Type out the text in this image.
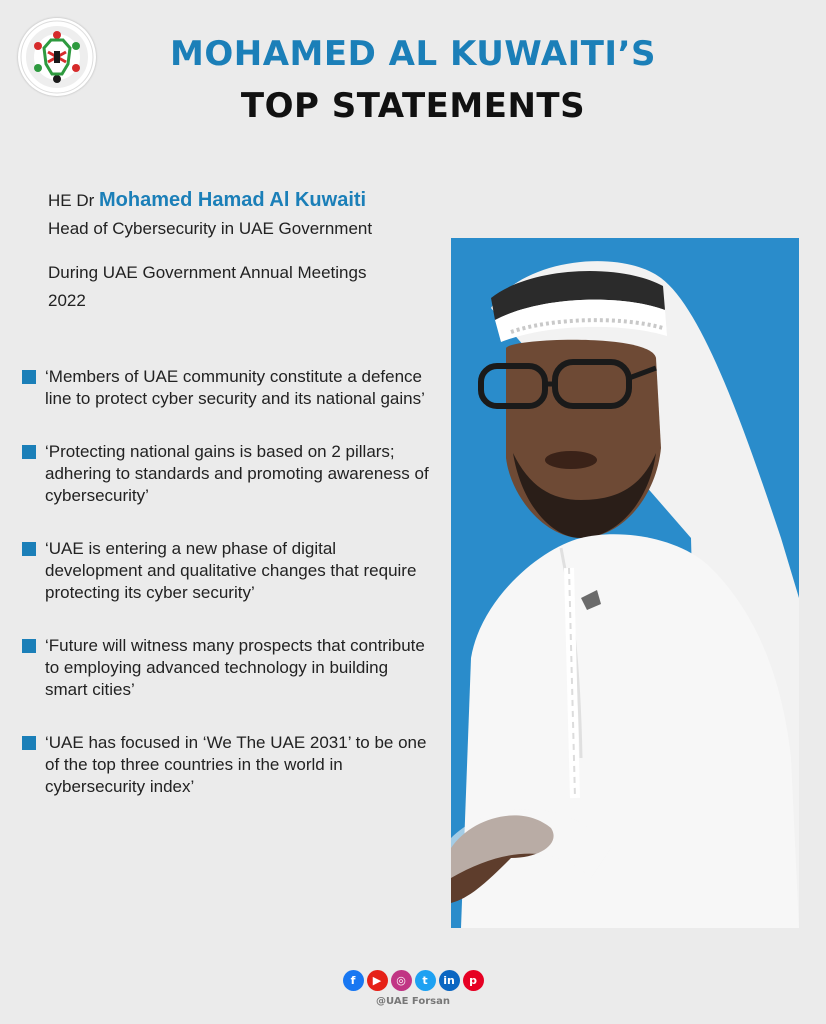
MOHAMED AL KUWAITI’S
TOP STATEMENTS
HE Dr Mohamed Hamad Al Kuwaiti
Head of Cybersecurity in UAE Government
During UAE Government Annual Meetings 2022
‘Members of UAE community constitute a defence line to protect cyber security and its national gains’
‘Protecting national gains is based on 2 pillars; adhering to standards and promoting awareness of cybersecurity’
‘UAE is entering a new phase of digital development and qualitative changes that require protecting its cyber security’
‘Future will witness many prospects that contribute to employing advanced technology in building smart cities’
‘UAE has focused in ‘We The UAE 2031’ to be one of the top three countries in the world in cybersecurity index’
f	▶	◎	t	in	p
@UAE Forsan
